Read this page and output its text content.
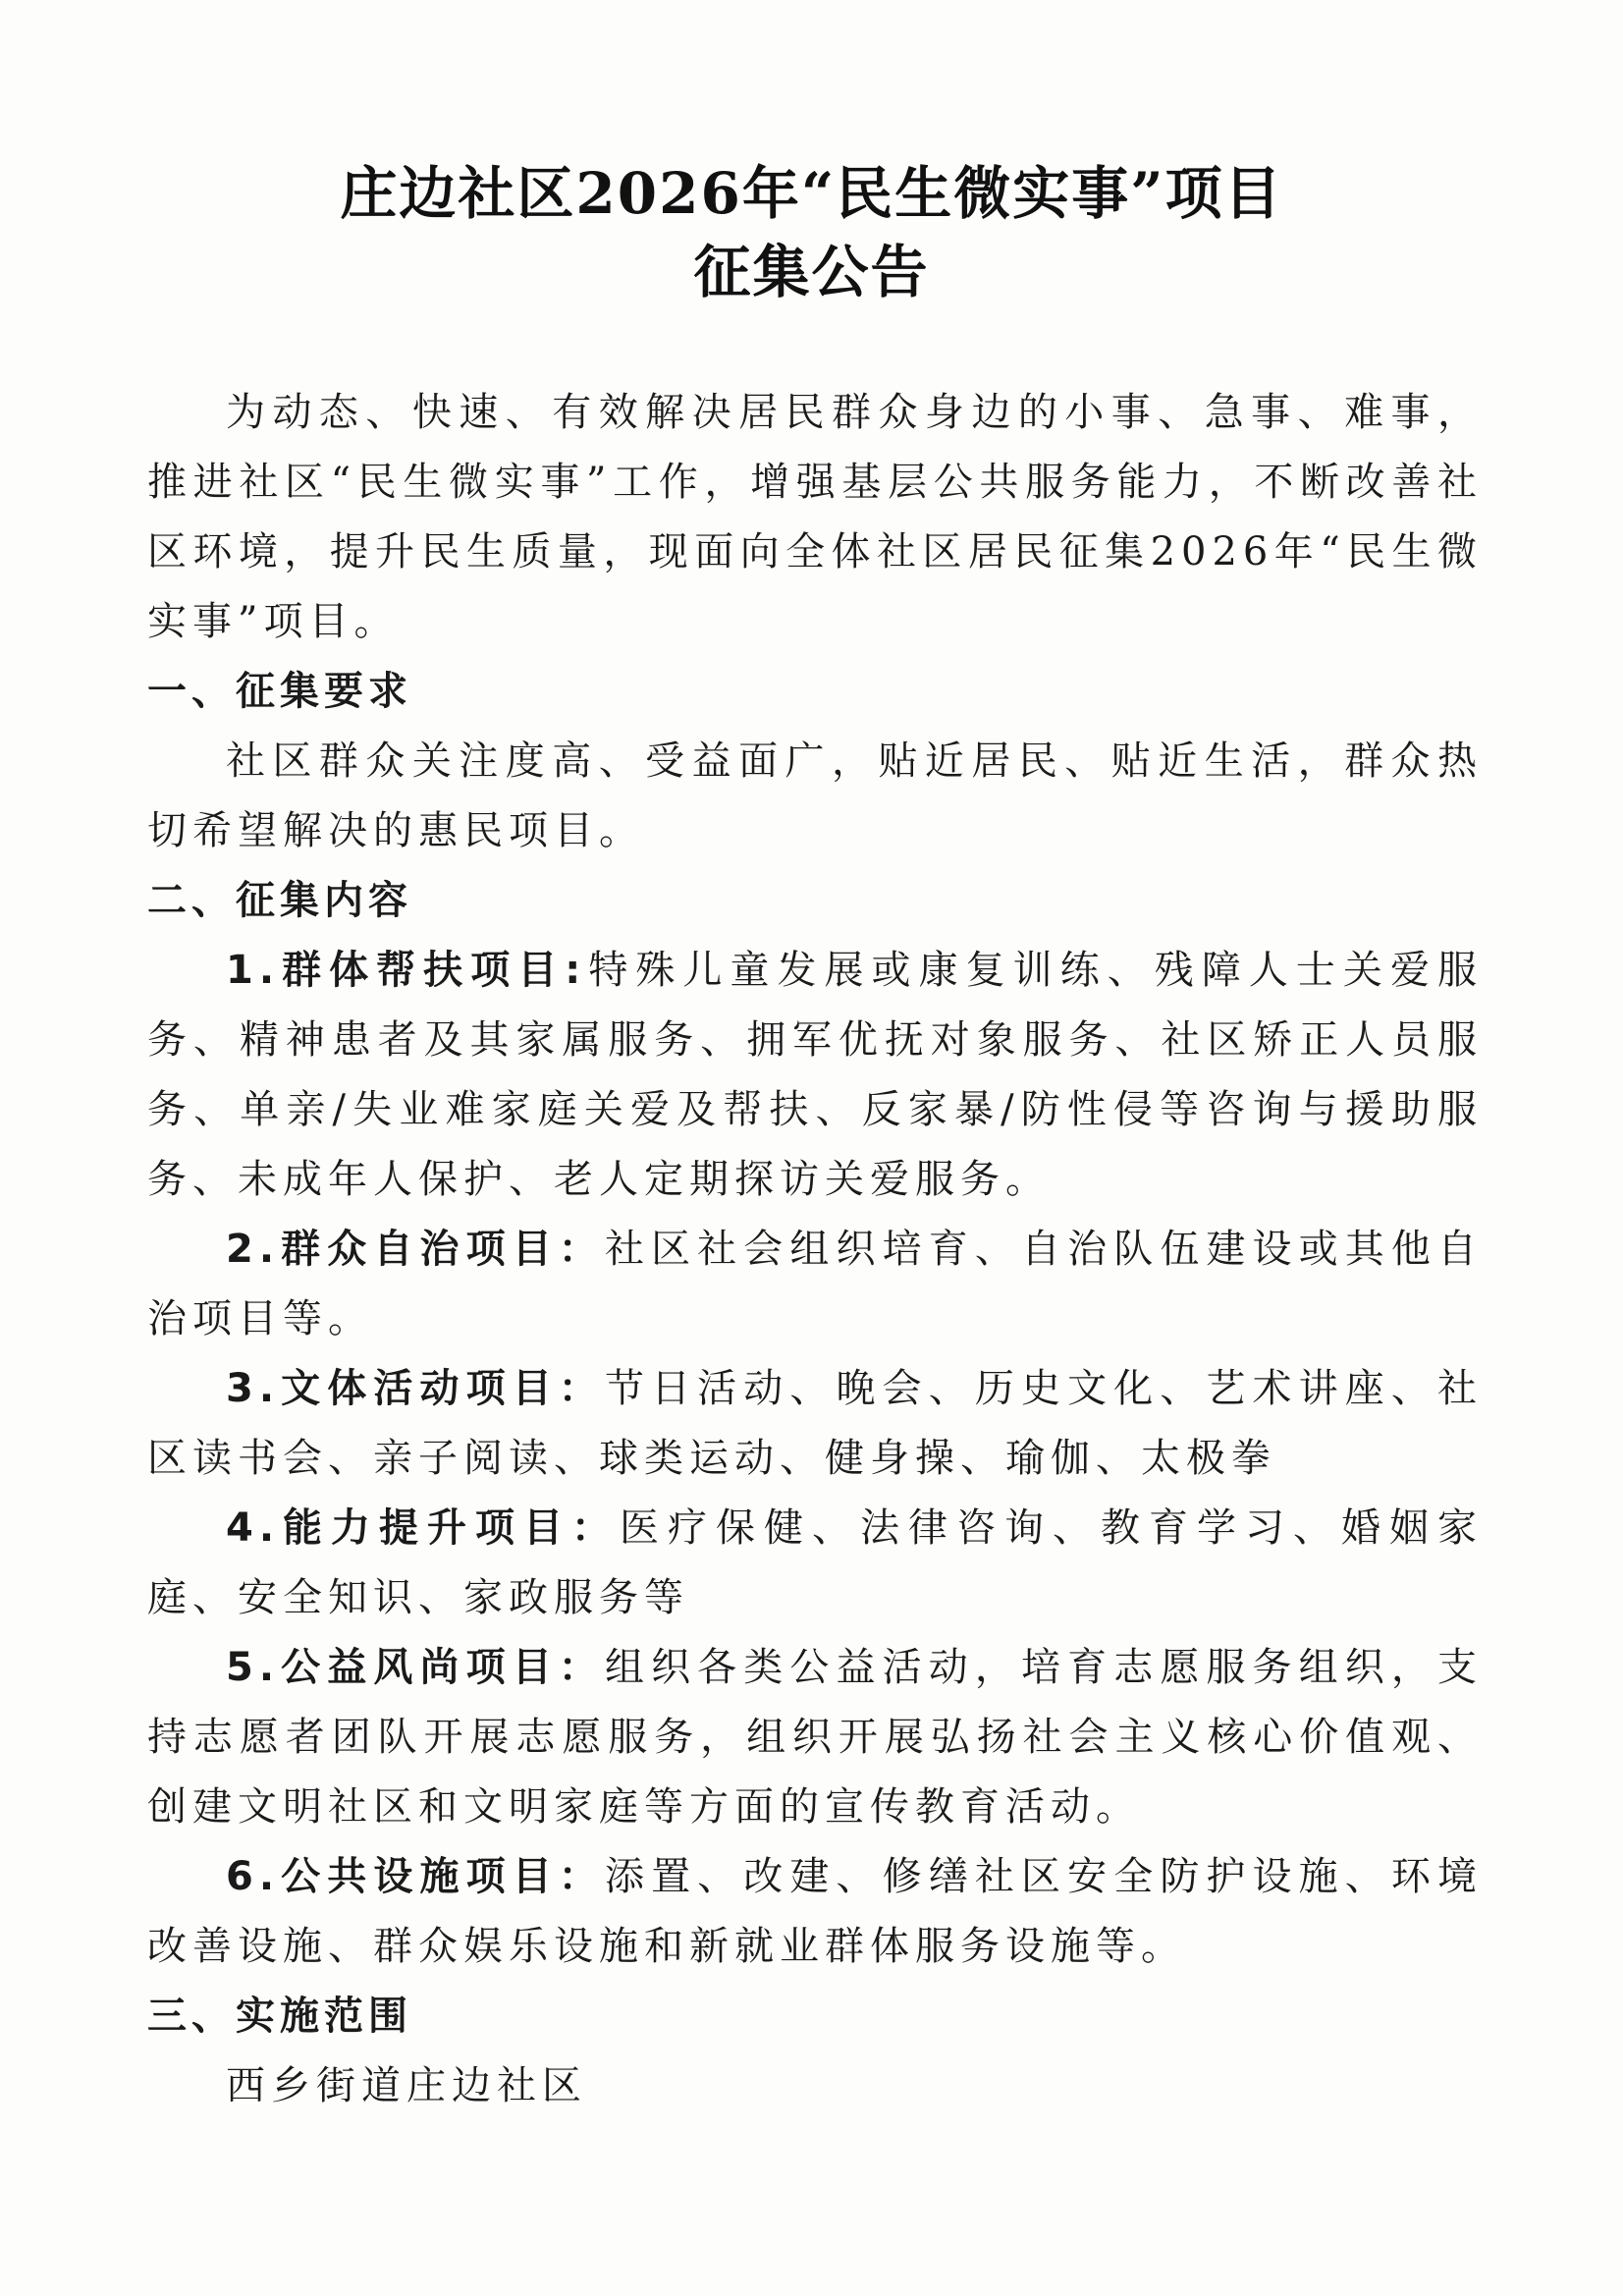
庄边社区2026年“民生微实事”项目
征集公告

为动态、快速、有效解决居民群众身边的小事、急事、难事，推进社区“民生微实事”工作，增强基层公共服务能力，不断改善社区环境，提升民生质量，现面向全体社区居民征集2026年“民生微实事”项目。

一、征集要求

社区群众关注度高、受益面广，贴近居民、贴近生活，群众热切希望解决的惠民项目。

二、征集内容

1.群体帮扶项目:特殊儿童发展或康复训练、残障人士关爱服务、精神患者及其家属服务、拥军优抚对象服务、社区矫正人员服务、单亲/失业难家庭关爱及帮扶、反家暴/防性侵等咨询与援助服务、未成年人保护、老人定期探访关爱服务。

2.群众自治项目：社区社会组织培育、自治队伍建设或其他自治项目等。

3.文体活动项目：节日活动、晚会、历史文化、艺术讲座、社区读书会、亲子阅读、球类运动、健身操、瑜伽、太极拳

4.能力提升项目：医疗保健、法律咨询、教育学习、婚姻家庭、安全知识、家政服务等

5.公益风尚项目：组织各类公益活动，培育志愿服务组织，支持志愿者团队开展志愿服务，组织开展弘扬社会主义核心价值观、创建文明社区和文明家庭等方面的宣传教育活动。

6.公共设施项目：添置、改建、修缮社区安全防护设施、环境改善设施、群众娱乐设施和新就业群体服务设施等。

三、实施范围

西乡街道庄边社区
